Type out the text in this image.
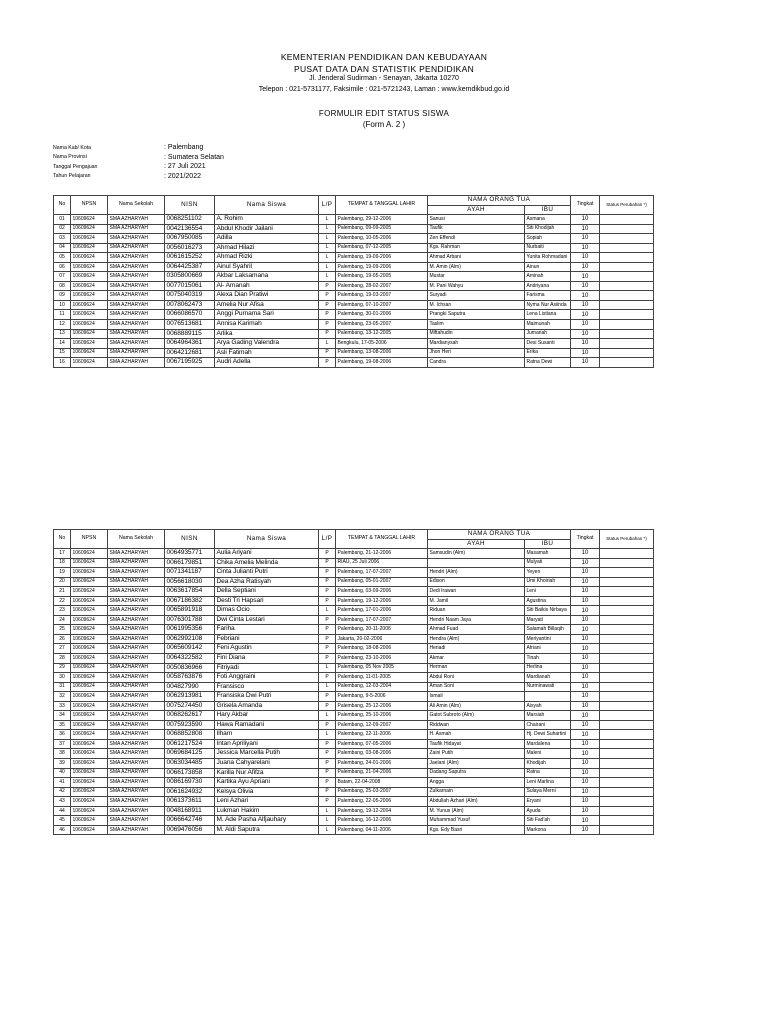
KEMENTERIAN PENDIDIKAN DAN KEBUDAYAAN
PUSAT DATA DAN STATISTIK PENDIDIKAN
Jl. Jenderal Sudirman - Senayan, Jakarta 10270
Telepon : 021-5731177, Faksimile : 021-5721243, Laman : www.kemdikbud.go.id
FORMULIR EDIT STATUS SISWA
(Form A. 2 )
Nama Kab/ Kota	: Palembang
Nama Provinsi	: Sumatera Selatan
Tanggal Pengajuan	: 27 Juli 2021
Tahun Pelajaran	: 2021/2022
No	NPSN	Nama Sekolah	NISN	Nama Siswa	L/P	TEMPAT & TANGGAL LAHIR	NAMA ORANG TUA		Tingkat	Status Perubahan *)
							AYAH	IBU		
01	10609624	SMA AZHARYAH	0068251102	A. Rohim	L	Palembang, 29-12-2006	Sanusi	Asmana	10	
02	10609624	SMA AZHARYAH	0042136554	Abdul Khodir Jailani	L	Palembang, 09-09-2005	Taufik	Siti Khodijah	10	
03	10609624	SMA AZHARYAH	0067950085	Adilla	L	Palembang, 10-05-2006	Zen Effendi	Sopiah	10	
04	10609624	SMA AZHARYAH	0056016273	Ahmad Hilazi	L	Palembang, 07-12-2005	Kgs. Rahman	Nurbaiti	10	
05	10609624	SMA AZHARYAH	0061615252	Ahmad Rizki	L	Palembang, 19-09-2006	Ahmad Arbani	Yunita Rohmadani	10	
06	10609624	SMA AZHARYAH	0064425387	Ainul Syahril	L	Palembang, 19-09-2006	M. Amin (Alm)	Ainun	10	
07	10609624	SMA AZHARYAH	0305800669	Akbar Laksamana	L	Palembang, 19-05-2005	Mustar	Aminah	10	
08	10609624	SMA AZHARYAH	0077015061	Al- Amanah	P	Palembang, 28-02-2007	M. Pani Wahyu	Andriyana	10	
09	10609624	SMA AZHARYAH	0075040319	Alexa Dian Pratiwi	P	Palembang, 19-03-2007	Suryadi	Farisma	10	
10	10609624	SMA AZHARYAH	0078062473	Amelia Nur Afisa	P	Palembang, 07-10-2007	M. Ichsan	Nyma Nur Asiinda	10	
11	10609624	SMA AZHARYAH	0066086570	Anggi Purnama Sari	P	Palembang, 30-01-2006	Prangki Saputra	Lena Listiana	10	
12	10609624	SMA AZHARYAH	0076513681	Annisa Karimah	P	Palembang, 23-05-2007	Taslim	Maimunah	10	
13	10609624	SMA AZHARYAH	0068889115	Arlika	P	Palembang, 13-12-2005	Miftahudin	Jumariah	10	
14	10609624	SMA AZHARYAH	0064964361	Arya Gading Valendra	L	Bengkulu, 17-05-2006	Mardianysah	Desi Susanti	10	
15	10609624	SMA AZHARYAH	0064212681	Asli Fatimah	P	Palembang, 13-08-2006	Jhon Heri	Erika	10	
16	10609624	SMA AZHARYAH	0067195925	Audri Adella	P	Palembang, 19-08-2006	Candra	Ratna Dewi	10	
No	NPSN	Nama Sekolah	NISN	Nama Siswa	L/P	TEMPAT & TANGGAL LAHIR	NAMA ORANG TUA		Tingkat	Status Perubahan *)
							AYAH	IBU		
17	10609624	SMA AZHARYAH	0064935771	Aulia Ariyani	P	Palembang, 21-12-2006	Samsudin (Alm)	Masamah	10	
18	10609624	SMA AZHARYAH	0066179851	Chika Amelia Melinda	P	RIAU, 25 Juli 2006		Mulyati	10	
19	10609624	SMA AZHARYAH	0071341187	Cinta Julianti Putri	P	Palembang, 17-07-2007	Hendri (Alm)	Yeyen	10	
20	10609624	SMA AZHARYAH	0056618030	Dea Azha Ratisyah	P	Palembang, 05-01-2007	Edison	Umi Khoiriah	10	
21	10609624	SMA AZHARYAH	0063617854	Della Septiani	P	Palembang, 03-09-2006	Dedi Irawan	Leni	10	
22	10609624	SMA AZHARYAH	0067186382	Desti Tri Hapsari	P	Palembang, 19-12-2006	M. Jamil	Agustina	10	
23	10609624	SMA AZHARYAH	0065891918	Dimas Ocio	L	Palembang, 17-01-2006	Riduan	Siti Baikis Nirbaya	10	
24	10609624	SMA AZHARYAH	0076301788	Dwi Cinta Lestari	P	Palembang, 17-07-2007	Hendri Naam Jaya	Maryati	10	
25	10609624	SMA AZHARYAH	0061995356	Fariha	P	Palembang, 20-11-2006	Ahmad Fuad	Salamah Billaqih	10	
26	10609624	SMA AZHARYAH	0062992108	Febriani	P	Jakarta, 20-02-2006	Hendra (Alm)	Meriyantini	10	
27	10609624	SMA AZHARYAH	0065609142	Feni Agustin	P	Palembang, 18-08-2006	Heriadi	Afriani	10	
28	10609624	SMA AZHARYAH	0064322582	Fini Diana	P	Palembang, 23-10-2006	Akmar	Tinah	10	
29	10609624	SMA AZHARYAH	0050836966	Fitriyadi	L	Palembang, 05 Nov 2005	Herman	Herlina	10	
30	10609624	SMA AZHARYAH	0058763876	Foti Anggraini	P	Palembang, 11-01-2005	Abdul Roni	Mardianah	10	
31	10609624	SMA AZHARYAH	004827990	Fransisco	L	Palembang, 12-03-2004	Aman Soni	Nurminawati	10	
32	10609624	SMA AZHARYAH	0062913981	Fransiska Dwi Putri	P	Palembang, 9-5-2006	Ismail		10	
33	10609624	SMA AZHARYAH	0075274450	Grisela Amanda	P	Palembang, 25-12-2006	Ali Amin (Alm)	Aisyah	10	
34	10609624	SMA AZHARYAH	0068262617	Hary Akbar	L	Palembang, 25-10-2006	Gatot Subroto (Alm)	Marsiah	10	
35	10609624	SMA AZHARYAH	0075923590	Hawa Ramadani	P	Palembang, 12-09-2007	Riddwan	Chairani	10	
36	10609624	SMA AZHARYAH	0068852808	Ilham	L	Palembang, 22-11-2006	H. Asmah	Hj. Dewi Suhartini	10	
37	10609624	SMA AZHARYAH	0061217524	Intan Apriliyani	P	Palembang, 07-05-2006	Taufik Hidayat	Mardalena	10	
38	10609624	SMA AZHARYAH	0069684125	Jessica Marcella Putih	P	Palembang, 03-08-2006	Zaini Putih	Maleni	10	
39	10609624	SMA AZHARYAH	0063034485	Juana Cahyarelani	P	Palembang, 24-01-2006	Jaelani (Alm)	Khodijah	10	
40	10609624	SMA AZHARYAH	0066173858	Karilla Nur Afifza	P	Palembang, 21-04-2006	Dadang Saputra	Ratna	10	
41	10609624	SMA AZHARYAH	0086169730	Kartika Ayu Apriani	P	Batam, 22-04-2008	Angga	Leni Marlina	10	
42	10609624	SMA AZHARYAH	0061624932	Kelsya Olivia	P	Palembang, 25-03-2007	Zulkarnain	Sulaya Merni	10	
43	10609624	SMA AZHARYAH	0061373611	Leni Azhari	P	Palembang, 22-05-2006	Abdullah Azhari (Alm)	Eryani	10	
44	10609624	SMA AZHARYAH	0048168911	Lukman Hakim	L	Palembang, 19-12-2004	M. Yunus (Alm)	Ayuda	10	
45	10609624	SMA AZHARYAH	0066642746	M. Ade Pasha Alfjauhary	L	Palembang, 16-12-2006	Muhammad Yusuf	Siti Fad'ah	10	
46	10609624	SMA AZHARYAH	0069476056	M. Aldi Saputra	L	Palembang, 04-11-2006	Kgs. Edy Basri	Markona	10	
